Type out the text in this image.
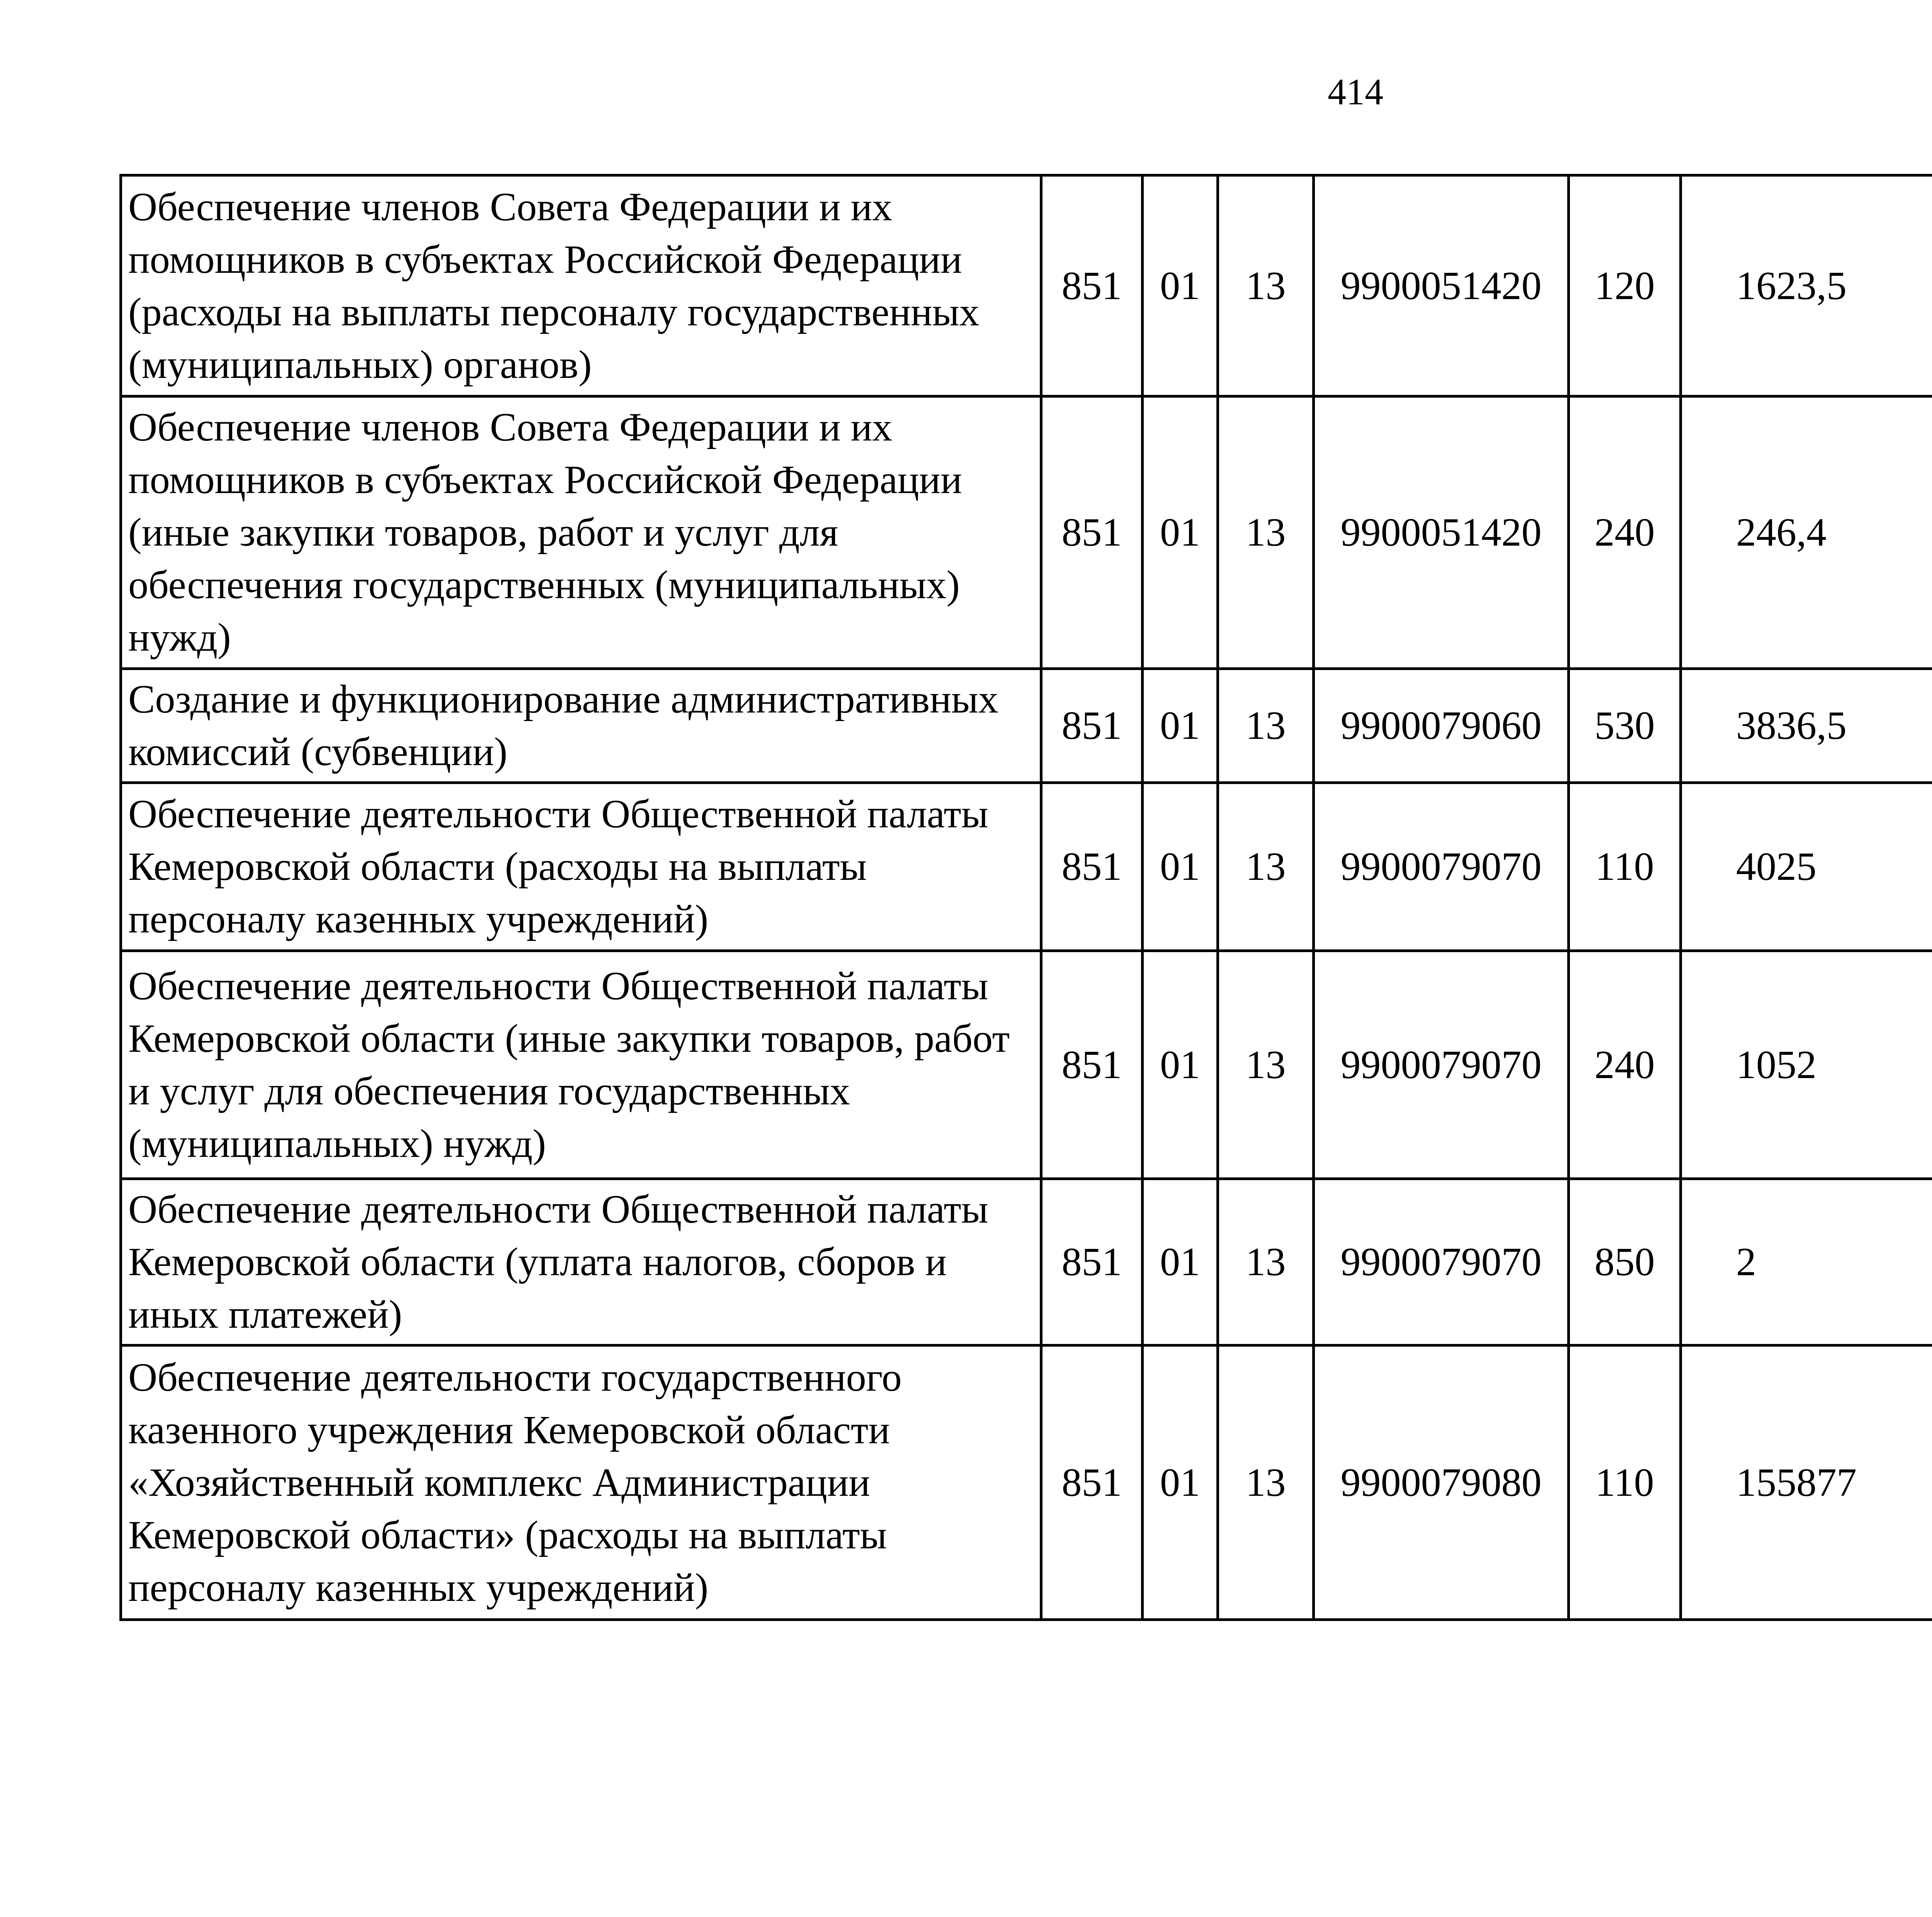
414
Обеспечение членов Совета Федерации и их помощников в субъектах Российской Федерации (расходы на выплаты персоналу государственных (муниципальных) органов)	851	01	13	9900051420	120	1623,5		
Обеспечение членов Совета Федерации и их помощников в субъектах Российской Федерации (иные закупки товаров, работ и услуг для обеспечения государственных (муниципальных) нужд)	851	01	13	9900051420	240	246,4		
Создание и функционирование административных комиссий (субвенции)	851	01	13	9900079060	530	3836,5		
Обеспечение деятельности Общественной палаты Кемеровской области (расходы на выплаты персоналу казенных учреждений)	851	01	13	9900079070	110	4025		
Обеспечение деятельности Общественной палаты Кемеровской области (иные закупки товаров, работ и услуг для обеспечения государственных (муниципальных) нужд)	851	01	13	9900079070	240	1052		
Обеспечение деятельности Общественной палаты Кемеровской области (уплата налогов, сборов и иных платежей)	851	01	13	9900079070	850	2		
Обеспечение деятельности государственного казенного учреждения Кемеровской области «Хозяйственный комплекс Администрации Кемеровской области» (расходы на выплаты персоналу казенных учреждений)	851	01	13	9900079080	110	155877		
